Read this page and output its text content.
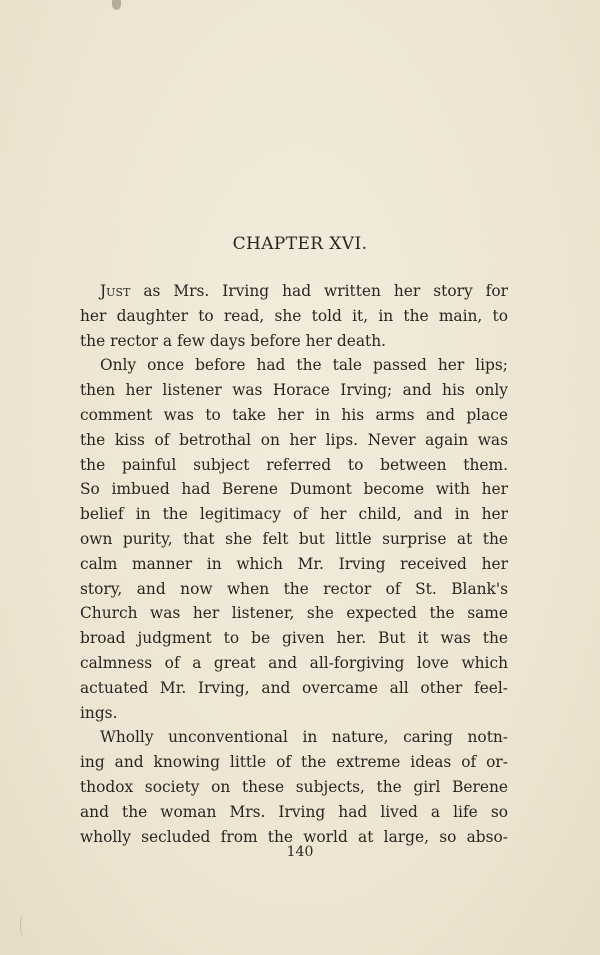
CHAPTER XVI.
Just as Mrs. Irving had written her story for
her daughter to read, she told it, in the main, to
the rector a few days before her death.
Only once before had the tale passed her lips;
then her listener was Horace Irving; and his only
comment was to take her in his arms and place
the kiss of betrothal on her lips. Never again was
the painful subject referred to between them.
So imbued had Berene Dumont become with her
belief in the legitimacy of her child, and in her
own purity, that she felt but little surprise at the
calm manner in which Mr. Irving received her
story, and now when the rector of St. Blank's
Church was her listener, she expected the same
broad judgment to be given her. But it was the
calmness of a great and all-forgiving love which
actuated Mr. Irving, and overcame all other feel-
ings.
Wholly unconventional in nature, caring notn-
ing and knowing little of the extreme ideas of or-
thodox society on these subjects, the girl Berene
and the woman Mrs. Irving had lived a life so
wholly secluded from the world at large, so abso-
140
